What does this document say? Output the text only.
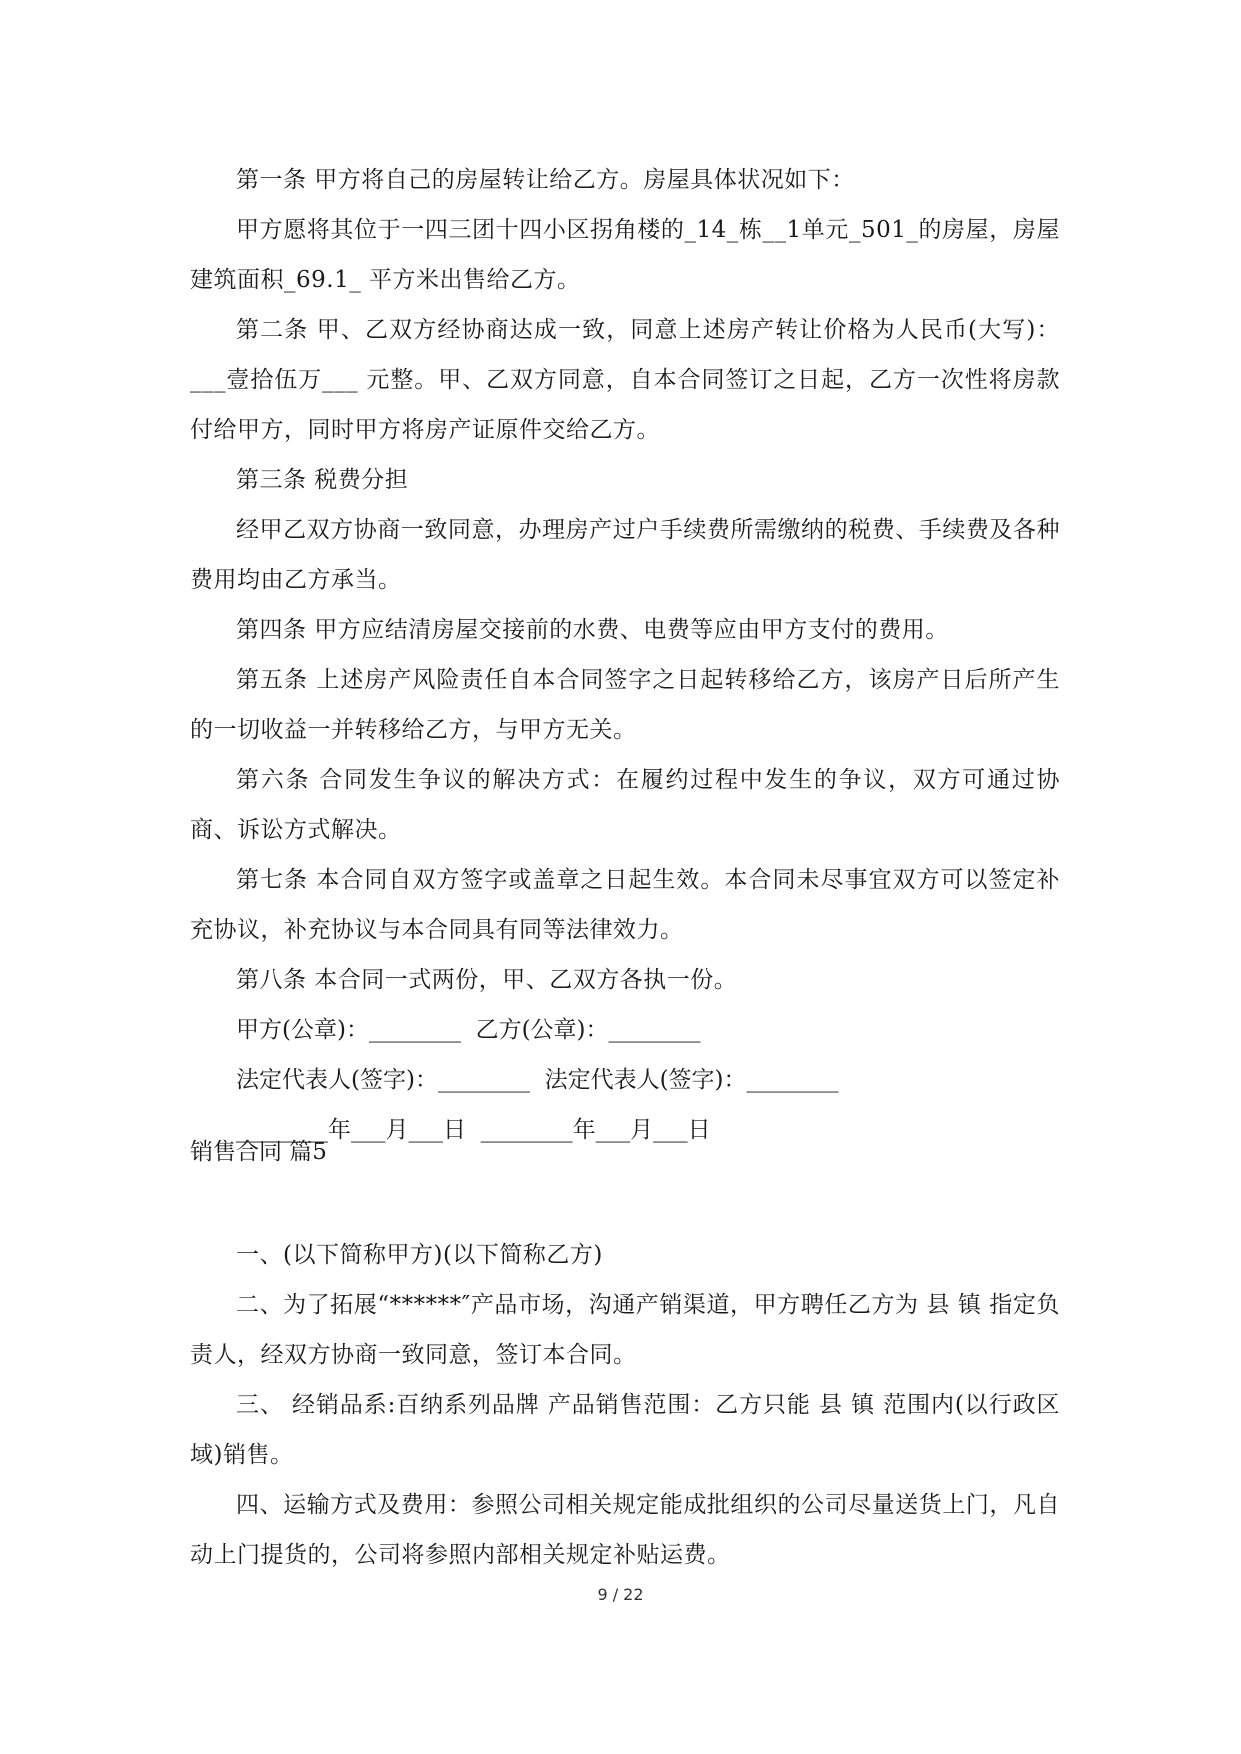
第一条 甲方将自己的房屋转让给乙方。房屋具体状况如下：

甲方愿将其位于一四三团十四小区拐角楼的_14_栋__1单元_501_的房屋，房屋建筑面积_69.1_ 平方米出售给乙方。

第二条 甲、乙双方经协商达成一致，同意上述房产转让价格为人民币(大写)：___壹拾伍万___ 元整。甲、乙双方同意，自本合同签订之日起，乙方一次性将房款付给甲方，同时甲方将房产证原件交给乙方。

第三条 税费分担

经甲乙双方协商一致同意，办理房产过户手续费所需缴纳的税费、手续费及各种费用均由乙方承当。

第四条 甲方应结清房屋交接前的水费、电费等应由甲方支付的费用。

第五条 上述房产风险责任自本合同签字之日起转移给乙方，该房产日后所产生的一切收益一并转移给乙方，与甲方无关。

第六条 合同发生争议的解决方式：在履约过程中发生的争议，双方可通过协商、诉讼方式解决。

第七条 本合同自双方签字或盖章之日起生效。本合同未尽事宜双方可以签定补充协议，补充协议与本合同具有同等法律效力。

第八条 本合同一式两份，甲、乙双方各执一份。

甲方(公章)：________  乙方(公章)：________

法定代表人(签字)：________  法定代表人(签字)：________

________年___月___日  ________年___月___日

销售合同 篇5

一、(以下简称甲方)(以下简称乙方)

二、为了拓展“******″产品市场，沟通产销渠道，甲方聘任乙方为 县 镇 指定负责人，经双方协商一致同意，签订本合同。

三、 经销品系:百纳系列品牌 产品销售范围：乙方只能 县 镇 范围内(以行政区域)销售。

四、运输方式及费用：参照公司相关规定能成批组织的公司尽量送货上门，凡自动上门提货的，公司将参照内部相关规定补贴运费。

9 / 22
